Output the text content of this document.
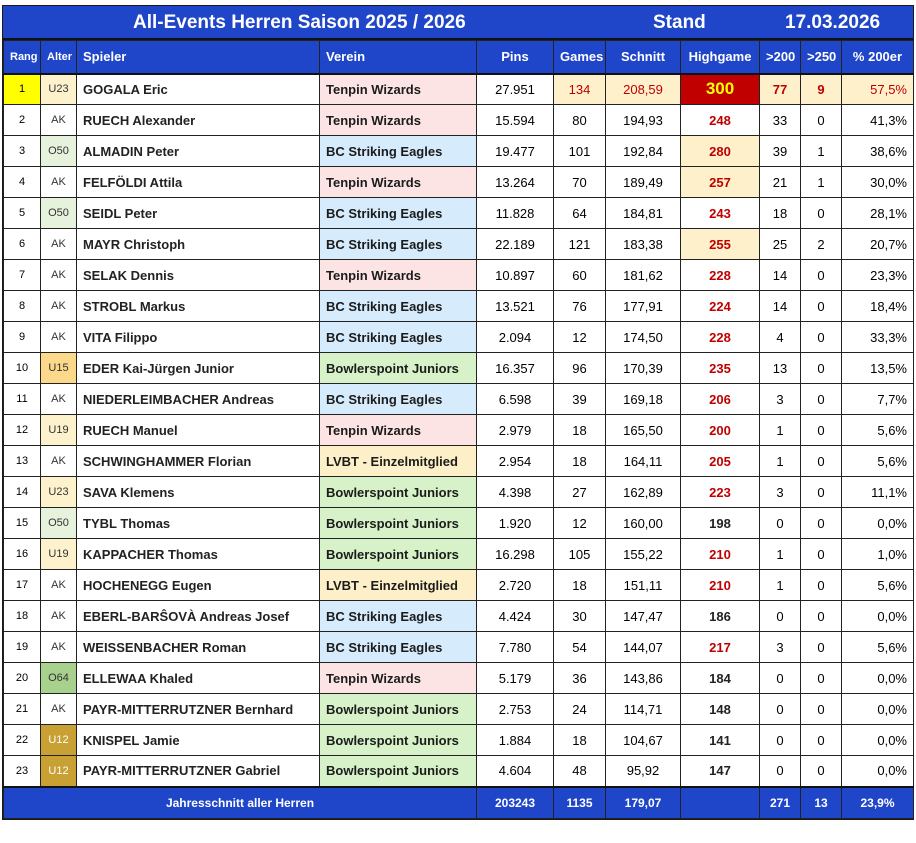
All-Events Herren Saison 2025 / 2026	Stand	17.03.2026
Rang	Alter	Spieler	Verein	Pins	Games	Schnitt	Highgame	>200	>250	% 200er
1	U23	GOGALA Eric	Tenpin Wizards	27.951	134	208,59	300	77	9	57,5%
2	AK	RUECH Alexander	Tenpin Wizards	15.594	80	194,93	248	33	0	41,3%
3	O50	ALMADIN Peter	BC Striking Eagles	19.477	101	192,84	280	39	1	38,6%
4	AK	FELFÖLDI Attila	Tenpin Wizards	13.264	70	189,49	257	21	1	30,0%
5	O50	SEIDL Peter	BC Striking Eagles	11.828	64	184,81	243	18	0	28,1%
6	AK	MAYR Christoph	BC Striking Eagles	22.189	121	183,38	255	25	2	20,7%
7	AK	SELAK Dennis	Tenpin Wizards	10.897	60	181,62	228	14	0	23,3%
8	AK	STROBL Markus	BC Striking Eagles	13.521	76	177,91	224	14	0	18,4%
9	AK	VITA Filippo	BC Striking Eagles	2.094	12	174,50	228	4	0	33,3%
10	U15	EDER Kai-Jürgen Junior	Bowlerspoint Juniors	16.357	96	170,39	235	13	0	13,5%
11	AK	NIEDERLEIMBACHER Andreas	BC Striking Eagles	6.598	39	169,18	206	3	0	7,7%
12	U19	RUECH Manuel	Tenpin Wizards	2.979	18	165,50	200	1	0	5,6%
13	AK	SCHWINGHAMMER Florian	LVBT - Einzelmitglied	2.954	18	164,11	205	1	0	5,6%
14	U23	SAVA Klemens	Bowlerspoint Juniors	4.398	27	162,89	223	3	0	11,1%
15	O50	TYBL Thomas	Bowlerspoint Juniors	1.920	12	160,00	198	0	0	0,0%
16	U19	KAPPACHER Thomas	Bowlerspoint Juniors	16.298	105	155,22	210	1	0	1,0%
17	AK	HOCHENEGG Eugen	LVBT - Einzelmitglied	2.720	18	151,11	210	1	0	5,6%
18	AK	EBERL-BARŜOVÀ Andreas Josef	BC Striking Eagles	4.424	30	147,47	186	0	0	0,0%
19	AK	WEISSENBACHER Roman	BC Striking Eagles	7.780	54	144,07	217	3	0	5,6%
20	O64	ELLEWAA Khaled	Tenpin Wizards	5.179	36	143,86	184	0	0	0,0%
21	AK	PAYR-MITTERRUTZNER Bernhard	Bowlerspoint Juniors	2.753	24	114,71	148	0	0	0,0%
22	U12	KNISPEL Jamie	Bowlerspoint Juniors	1.884	18	104,67	141	0	0	0,0%
23	U12	PAYR-MITTERRUTZNER Gabriel	Bowlerspoint Juniors	4.604	48	95,92	147	0	0	0,0%
Jahresschnitt aller Herren				203243	1135	179,07		271	13	23,9%
